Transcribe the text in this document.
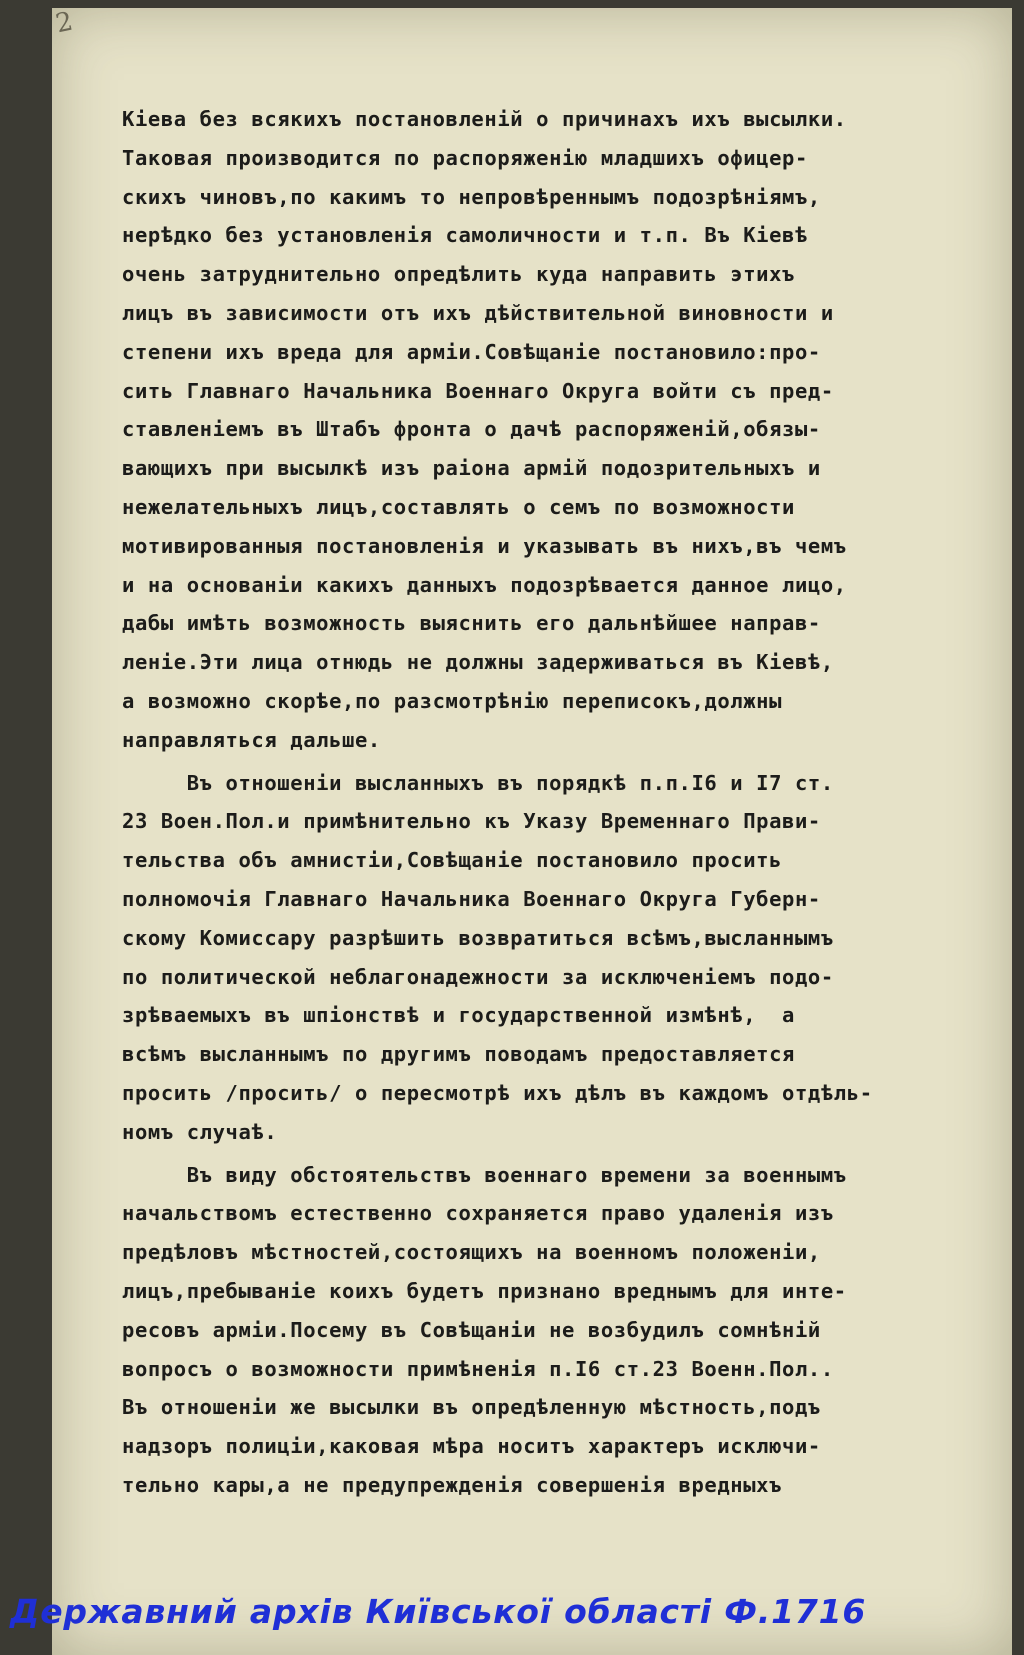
2
Кiева без всякихъ постановленiй о причинахъ ихъ высылки.
Таковая производится по распоряженiю младшихъ офицер-
скихъ чиновъ,по какимъ то непровѣреннымъ подозрѣнiямъ,
нерѣдко без установленiя самоличности и т.п. Въ Кiевѣ
очень затруднительно опредѣлить куда направить этихъ
лицъ въ зависимости отъ ихъ дѣйствительной виновности и
степени ихъ вреда для армiи.Совѣщанiе постановило:про-
сить Главнаго Начальника Военнаго Округа войти съ пред-
ставленiемъ въ Штабъ фронта о дачѣ распоряженiй,обязы-
вающихъ при высылкѣ изъ раiона армiй подозрительныхъ и
нежелательныхъ лицъ,составлять о семъ по возможности
мотивированныя постановленiя и указывать въ нихъ,въ чемъ
и на основанiи какихъ данныхъ подозрѣвается данное лицо,
дабы имѣть возможность выяснить его дальнѣйшее направ-
ленiе.Эти лица отнюдь не должны задерживаться въ Кiевѣ,
а возможно скорѣе,по разсмотрѣнiю переписокъ,должны
направляться дальше.
Въ отношенiи высланныхъ въ порядкѣ п.п.I6 и I7 ст.
23 Воен.Пол.и примѣнительно къ Указу Временнаго Прави-
тельства объ амнистiи,Совѣщанiе постановило просить
полномочiя Главнаго Начальника Военнаго Округа Губерн-
скому Комиссару разрѣшить возвратиться всѣмъ,высланнымъ
по политической неблагонадежности за исключенiемъ подо-
зрѣваемыхъ въ шпiонствѣ и государственной измѣнѣ,  а
всѣмъ высланнымъ по другимъ поводамъ предоставляется
просить /просить/ о пересмотрѣ ихъ дѣлъ въ каждомъ отдѣль-
номъ случаѣ.
Въ виду обстоятельствъ военнаго времени за военнымъ
начальствомъ естественно сохраняется право удаленiя изъ
предѣловъ мѣстностей,состоящихъ на военномъ положенiи,
лицъ,пребыванiе коихъ будетъ признано вреднымъ для инте-
ресовъ армiи.Посему въ Совѣщанiи не возбудилъ сомнѣнiй
вопросъ о возможности примѣненiя п.I6 ст.23 Военн.Пол..
Въ отношенiи же высылки въ опредѣленную мѣстность,подъ
надзоръ полицiи,каковая мѣра носитъ характеръ исключи-
тельно кары,а не предупрежденiя совершенiя вредныхъ
Державний архів Київської області Ф.1716
